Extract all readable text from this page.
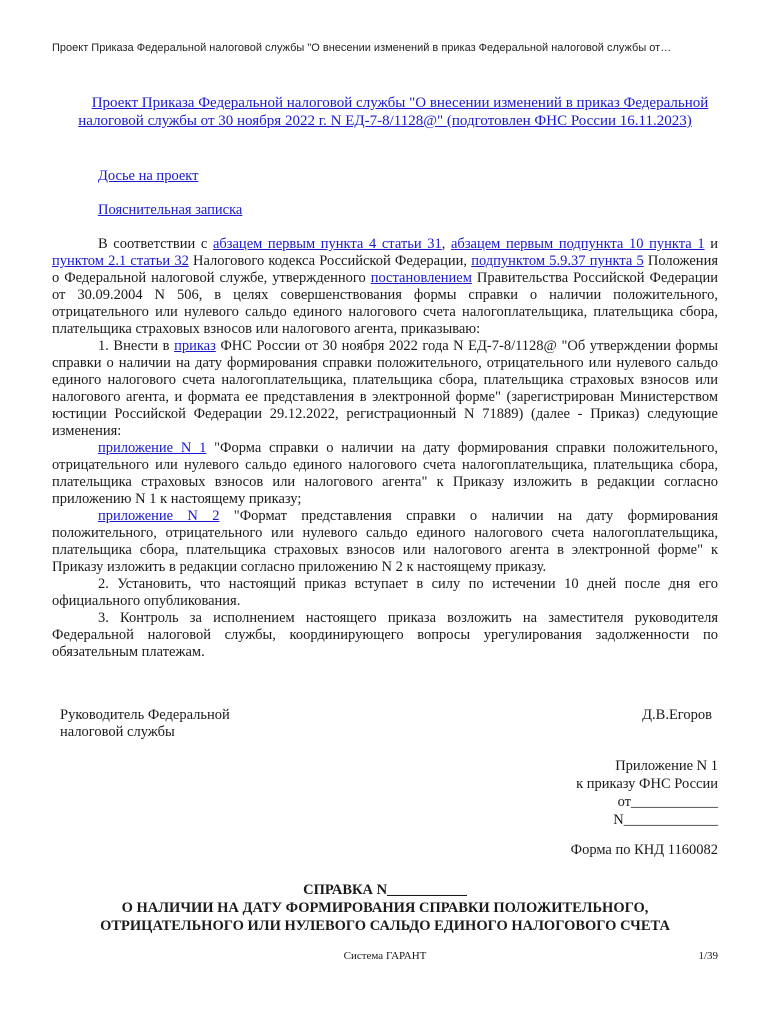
Проект Приказа Федеральной налоговой службы "О внесении изменений в приказ Федеральной налоговой службы от…
Проект Приказа Федеральной налоговой службы "О внесении изменений в приказ Федеральной налоговой службы от 30 ноября 2022 г. N ЕД-7-8/1128@" (подготовлен ФНС России 16.11.2023)

Досье на проект

Пояснительная записка

В соответствии с абзацем первым пункта 4 статьи 31, абзацем первым подпункта 10 пункта 1 и пунктом 2.1 статьи 32 Налогового кодекса Российской Федерации, подпунктом 5.9.37 пункта 5 Положения о Федеральной налоговой службе, утвержденного постановлением Правительства Российской Федерации от 30.09.2004 N 506, в целях совершенствования формы справки о наличии положительного, отрицательного или нулевого сальдо единого налогового счета налогоплательщика, плательщика сбора, плательщика страховых взносов или налогового агента, приказываю:

1. Внести в приказ ФНС России от 30 ноября 2022 года N ЕД-7-8/1128@ "Об утверждении формы справки о наличии на дату формирования справки положительного, отрицательного или нулевого сальдо единого налогового счета налогоплательщика, плательщика сбора, плательщика страховых взносов или налогового агента, и формата ее представления в электронной форме" (зарегистрирован Министерством юстиции Российской Федерации 29.12.2022, регистрационный N 71889) (далее - Приказ) следующие изменения:

приложение N 1 "Форма справки о наличии на дату формирования справки положительного, отрицательного или нулевого сальдо единого налогового счета налогоплательщика, плательщика сбора, плательщика страховых взносов или налогового агента" к Приказу изложить в редакции согласно приложению N 1 к настоящему приказу;

приложение N 2 "Формат представления справки о наличии на дату формирования положительного, отрицательного или нулевого сальдо единого налогового счета налогоплательщика, плательщика сбора, плательщика страховых взносов или налогового агента в электронной форме" к Приказу изложить в редакции согласно приложению N 2 к настоящему приказу.

2. Установить, что настоящий приказ вступает в силу по истечении 10 дней после дня его официального опубликования.

3. Контроль за исполнением настоящего приказа возложить на заместителя руководителя Федеральной налоговой службы, координирующего вопросы урегулирования задолженности по обязательным платежам.

Руководитель Федеральной
налоговой службы
Д.В.Егоров
Приложение N 1
к приказу ФНС России
от____________
N_____________
Форма по КНД 1160082
СПРАВКА N___________
О НАЛИЧИИ НА ДАТУ ФОРМИРОВАНИЯ СПРАВКИ ПОЛОЖИТЕЛЬНОГО,
ОТРИЦАТЕЛЬНОГО ИЛИ НУЛЕВОГО САЛЬДО ЕДИНОГО НАЛОГОВОГО СЧЕТА
Система ГАРАНТ	1/39
